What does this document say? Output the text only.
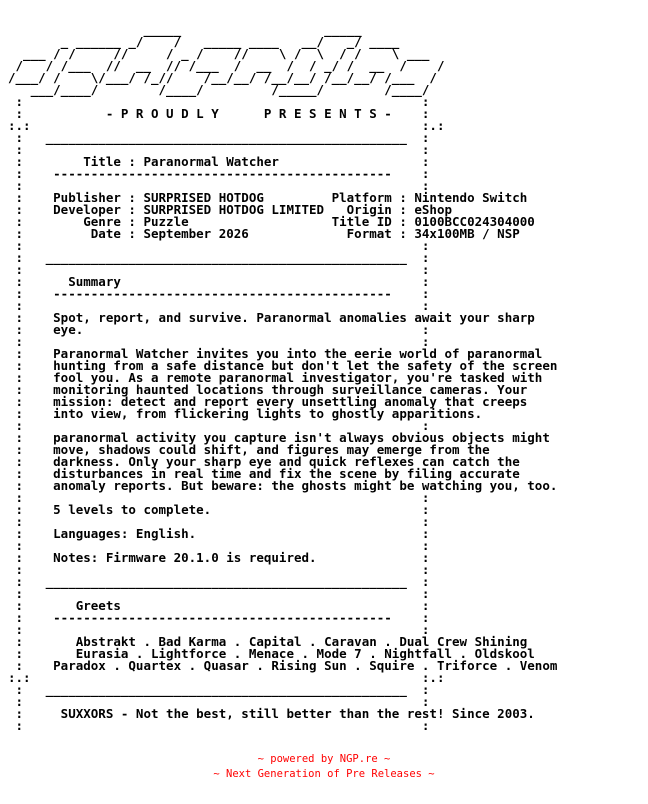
_____                   _____
_ ______ _/    /   _____ ____   __/   _/ ____
___ / /     //     / _ /    //    \ /  \  / /    \ ___
/   / /___  //  __  // /___  /  __  /  / _/ /  __  /    /
/___/ /    \/___/ /_//    /__/__/ /__/__/ /__/__/ /___  /
___/____/        /____/         /_____/        /____/
:                                                     :
:           - P R O U D L Y      P R E S E N T S -    :
:.:                                                    :.:
:   ________________________________________________  :
:                                                     :
:        Title : Paranormal Watcher                   :
:    ---------------------------------------------    :
:                                                     :
:    Publisher : SURPRISED HOTDOG         Platform : Nintendo Switch
:    Developer : SURPRISED HOTDOG LIMITED   Origin : eShop
:        Genre : Puzzle                   Title ID : 0100BCC024304000
:         Date : September 2026             Format : 34x100MB / NSP
:                                                     :
:   ________________________________________________  :
:                                                     :
:      Summary                                        :
:    ---------------------------------------------    :
:                                                     :
:    Spot, report, and survive. Paranormal anomalies await your sharp
:    eye.                                             :
:                                                     :
:    Paranormal Watcher invites you into the eerie world of paranormal
:    hunting from a safe distance but don't let the safety of the screen
:    fool you. As a remote paranormal investigator, you're tasked with
:    monitoring haunted locations through surveillance cameras. Your
:    mission: detect and report every unsettling anomaly that creeps
:    into view, from flickering lights to ghostly apparitions.
:                                                     :
:    paranormal activity you capture isn't always obvious objects might
:    move, shadows could shift, and figures may emerge from the
:    darkness. Only your sharp eye and quick reflexes can catch the
:    disturbances in real time and fix the scene by filing accurate
:    anomaly reports. But beware: the ghosts might be watching you, too.
:                                                     :
:    5 levels to complete.                            :
:                                                     :
:    Languages: English.                              :
:                                                     :
:    Notes: Firmware 20.1.0 is required.              :
:                                                     :
:   ________________________________________________  :
:                                                     :
:       Greets                                        :
:    ---------------------------------------------    :
:                                                     :
:       Abstrakt . Bad Karma . Capital . Caravan . Dual Crew Shining
:       Eurasia . Lightforce . Menace . Mode 7 . Nightfall . Oldskool
:    Paradox . Quartex . Quasar . Rising Sun . Squire . Triforce . Venom
:.:                                                    :.:
:   ________________________________________________  :
:                                                     :
:     SUXXORS - Not the best, still better than the rest! Since 2003.
:                                                     :
~ powered by NGP.re ~
~ Next Generation of Pre Releases ~
